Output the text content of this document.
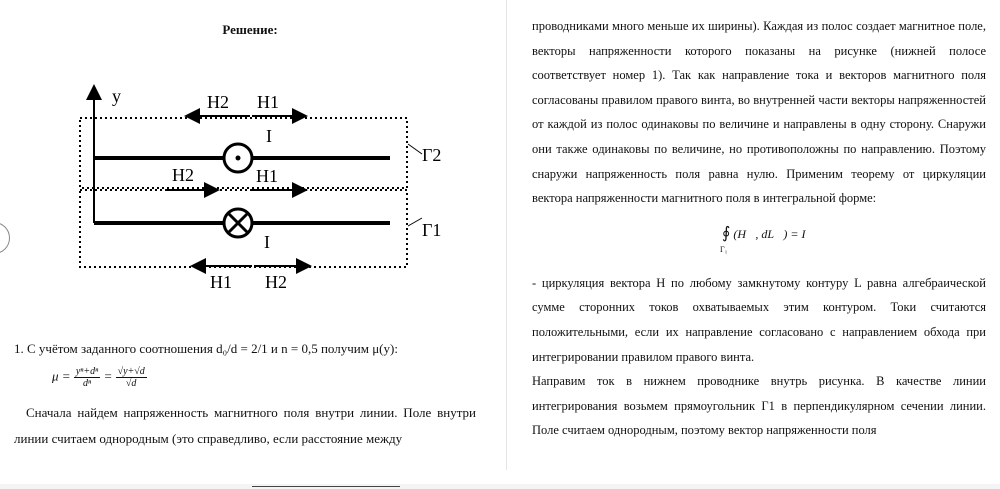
Решение:
y	H2 H1
I
Г2
H2	H1
I
Г1
H1 H2
1. С учётом заданного соотношения d₀/d = 2/1 и n = 0,5 получим μ(y):
$\mu = \frac{\text{yⁿ+dⁿ}}{\text{dⁿ}} = \frac{√y+√d}{√d}$
Сначала найдем напряженность магнитного поля внутри линии. Поле внутри линии считаем однородным (это справедливо, если расстояние между

проводниками много меньше их ширины). Каждая из полос создает магнитное поле, векторы напряженности которого показаны на рисунке (нижней полосе соответствует номер 1). Так как направление тока и векторов магнитного поля согласованы правилом правого винта, во внутренней части векторы напряженностей от каждой из полос одинаковы по величине и направлены в одну сторону. Снаружи они также одинаковы по величине, но противоположны по направлению. Поэтому снаружи напряженность поля равна нулю. Применим теорему от циркуляции вектора напряженности магнитного поля в интегральной форме:

∮ (H⃗, dL⃗) = I
Г₁

- циркуляция вектора H по любому замкнутому контуру L равна алгебраической сумме сторонних токов охватываемых этим контуром. Токи считаются положительными, если их направление согласовано с направлением обхода при интегрировании правилом правого винта.

Направим ток в нижнем проводнике внутрь рисунка. В качестве линии интегрирования возьмем прямоугольник Г1 в перпендикулярном сечении линии. Поле считаем однородным, поэтому вектор напряженности поля
